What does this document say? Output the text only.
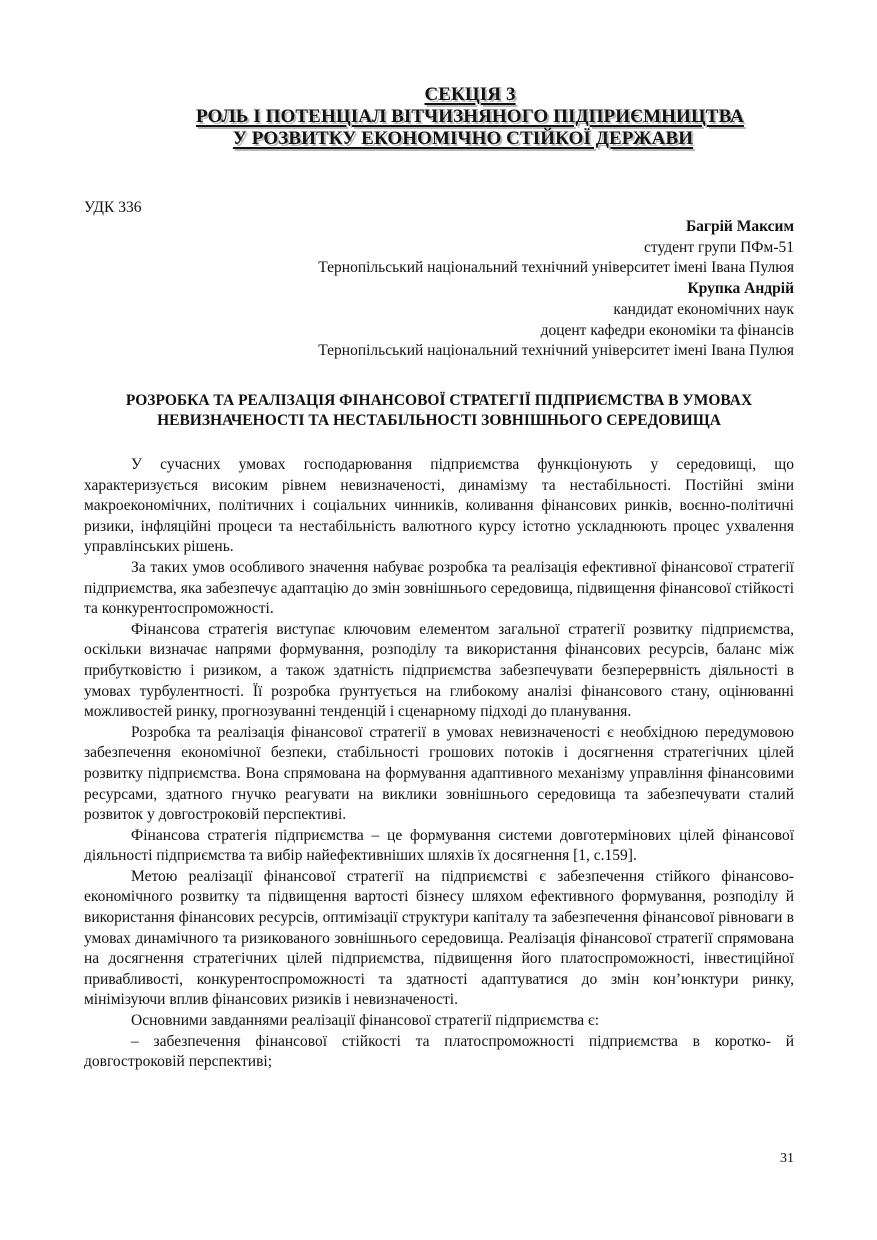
СЕКЦІЯ 3
РОЛЬ І ПОТЕНЦІАЛ ВІТЧИЗНЯНОГО ПІДПРИЄМНИЦТВА
У РОЗВИТКУ ЕКОНОМІЧНО СТІЙКОЇ ДЕРЖАВИ
УДК 336
Багрій Максим
студент групи ПФм-51
Тернопільський національний технічний університет імені Івана Пулюя
Крупка Андрій
кандидат економічних наук
доцент кафедри економіки та фінансів
Тернопільський національний технічний університет імені Івана Пулюя
РОЗРОБКА ТА РЕАЛІЗАЦІЯ ФІНАНСОВОЇ СТРАТЕГІЇ ПІДПРИЄМСТВА В УМОВАХ НЕВИЗНАЧЕНОСТІ ТА НЕСТАБІЛЬНОСТІ ЗОВНІШНЬОГО СЕРЕДОВИЩА

У сучасних умовах господарювання підприємства функціонують у середовищі, що характеризується високим рівнем невизначеності, динамізму та нестабільності. Постійні зміни макроекономічних, політичних і соціальних чинників, коливання фінансових ринків, воєнно-політичні ризики, інфляційні процеси та нестабільність валютного курсу істотно ускладнюють процес ухвалення управлінських рішень.

За таких умов особливого значення набуває розробка та реалізація ефективної фінансової стратегії підприємства, яка забезпечує адаптацію до змін зовнішнього середовища, підвищення фінансової стійкості та конкурентоспроможності.

Фінансова стратегія виступає ключовим елементом загальної стратегії розвитку підприємства, оскільки визначає напрями формування, розподілу та використання фінансових ресурсів, баланс між прибутковістю і ризиком, а також здатність підприємства забезпечувати безперервність діяльності в умовах турбулентності. Її розробка ґрунтується на глибокому аналізі фінансового стану, оцінюванні можливостей ринку, прогнозуванні тенденцій і сценарному підході до планування.

Розробка та реалізація фінансової стратегії в умовах невизначеності є необхідною передумовою забезпечення економічної безпеки, стабільності грошових потоків і досягнення стратегічних цілей розвитку підприємства. Вона спрямована на формування адаптивного механізму управління фінансовими ресурсами, здатного гнучко реагувати на виклики зовнішнього середовища та забезпечувати сталий розвиток у довгостроковій перспективі.

Фінансова стратегія підприємства – це формування системи довготермінових цілей фінансової діяльності підприємства та вибір найефективніших шляхів їх досягнення [1, с.159].

Метою реалізації фінансової стратегії на підприємстві є забезпечення стійкого фінансово-економічного розвитку та підвищення вартості бізнесу шляхом ефективного формування, розподілу й використання фінансових ресурсів, оптимізації структури капіталу та забезпечення фінансової рівноваги в умовах динамічного та ризикованого зовнішнього середовища. Реалізація фінансової стратегії спрямована на досягнення стратегічних цілей підприємства, підвищення його платоспроможності, інвестиційної привабливості, конкурентоспроможності та здатності адаптуватися до змін конʼюнктури ринку, мінімізуючи вплив фінансових ризиків і невизначеності.

Основними завданнями реалізації фінансової стратегії підприємства є:

– забезпечення фінансової стійкості та платоспроможності підприємства в коротко- й довгостроковій перспективі;

31
